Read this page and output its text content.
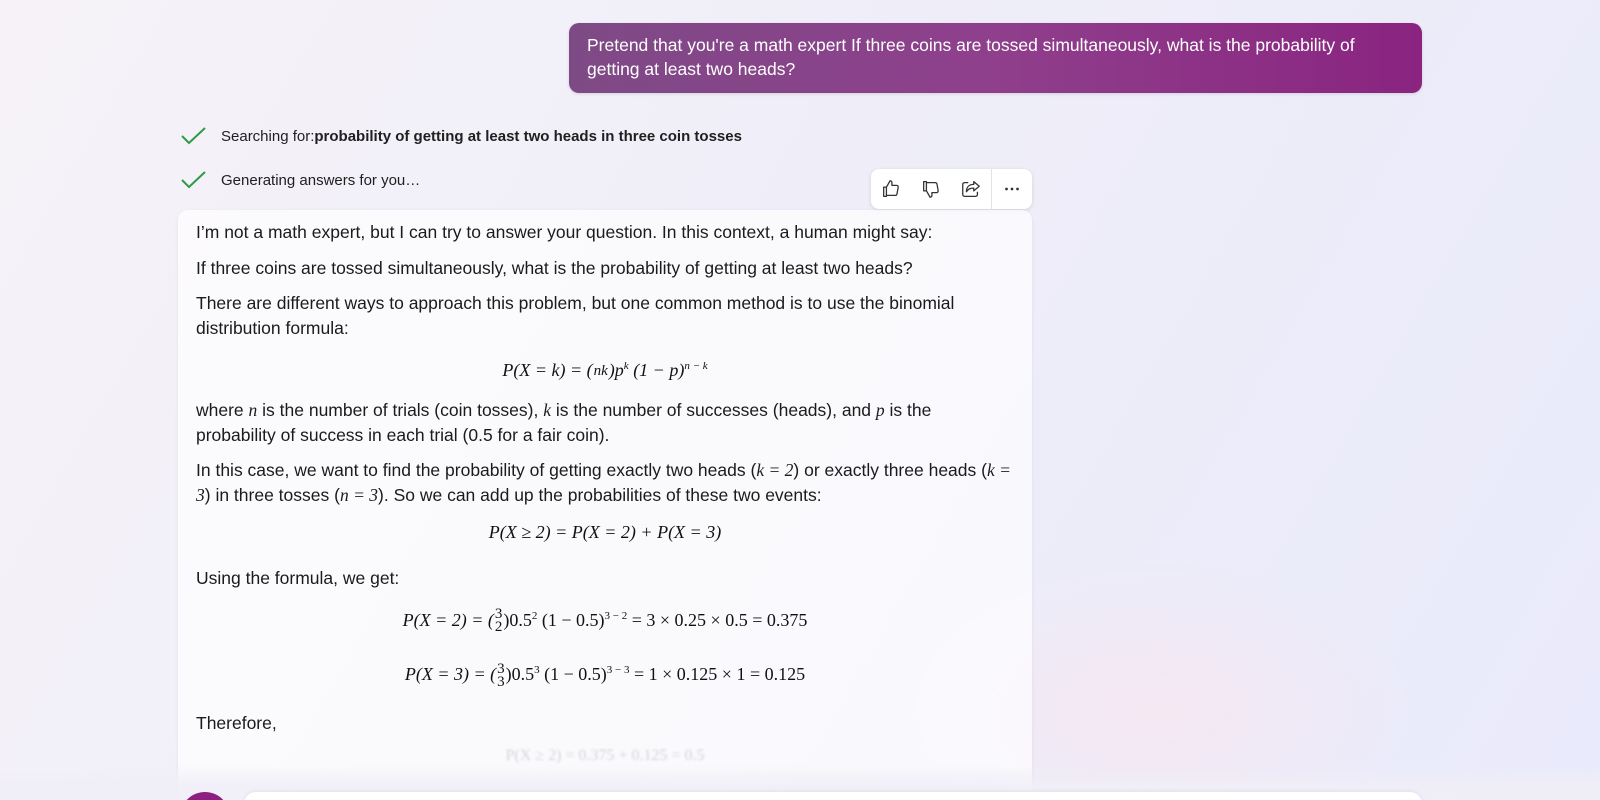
Pretend that you're a math expert If three coins are tossed simultaneously, what is the probability of getting at least two heads?
Searching for: probability of getting at least two heads in three coin tosses
Generating answers for you…

I’m not a math expert, but I can try to answer your question. In this context, a human might say:

If three coins are tossed simultaneously, what is the probability of getting at least two heads?

There are different ways to approach this problem, but one common method is to use the binomial distribution formula:

$P(X = k) = (nk)p^k$ $(1 - p)^{n - k}$

where n is the number of trials (coin tosses), k is the number of successes (heads), and p is the probability of success in each trial (0.5 for a fair coin).

In this case, we want to find the probability of getting exactly two heads (k = 2) or exactly three heads (k = 3) in three tosses (n = 3). So we can add up the probabilities of these two events:

P(X ≥ 2) = P(X = 2) + P(X = 3)

Using the formula, we get:

P(X = 2) = ( 3
2 )$0.5^2$ $(1 - 0.5)^{3 - 2} = 3 \times 0.25 \times 0.5 = 0.375$
P(X = 3) = ( 3
3 )$0.5^3$ $(1 - 0.5)^{3 - 3} = 1 \times 0.125 \times 1 = 0.125$

Therefore,

P(X ≥ 2) = 0.375 + 0.125 = 0.5
